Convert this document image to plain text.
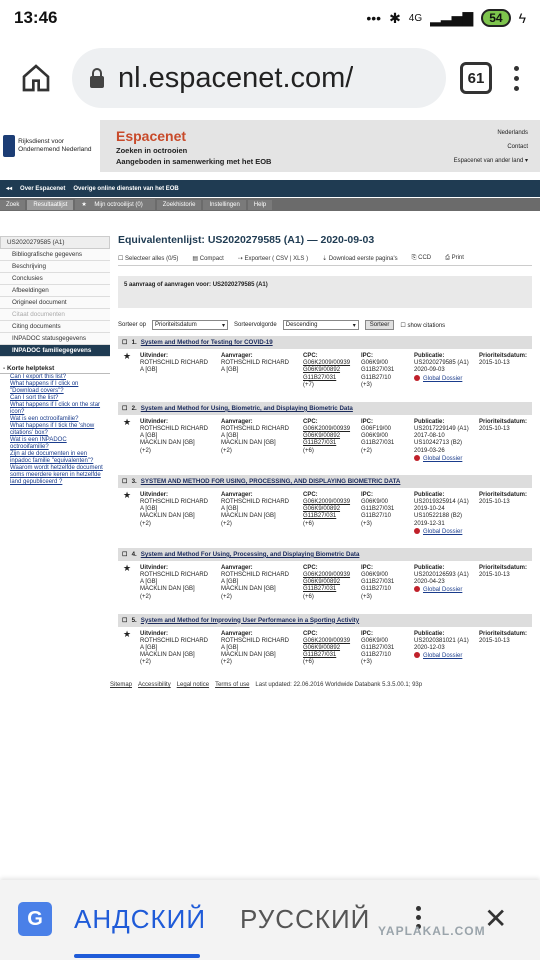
13:46	••• ✱ 4G ▂▃▅▇	54	ϟ
nl.espacenet.com/	61
Rijksdienst voor Ondernemend Nederland
Espacenet
Zoeken in octrooien
Aangeboden in samenwerking met het EOB
Nederlands
Contact
Espacenet van ander land ▾
◂◂ Over Espacenet Overige online diensten van het EOB
Zoek	Resultaatlijst	★ Mijn octrooilijst (0)	Zoekhistorie	Instellingen	Help
US2020279585 (A1)
Bibliografische gegevens
Beschrijving
Conclusies
Afbeeldingen
Origineel document
Citaat documenten
Citing documents
INPADOC statusgegevens
INPADOC familiegegevens
- Korte helptekst
Can I export this list?
What happens if I click on "Download covers"?
Can I sort the list?
What happens if I click on the star icon?
Wat is een octrooifamilie?
What happens if I tick the 'show citations' box?
Wat is een INPADOC octrooifamilie?
Zijn al de documenten in een inpadoc familie "equivalenten"?
Waarom wordt hetzelfde document soms meerdere keren in hetzelfde land gepubliceerd ?
Equivalentenlijst: US2020279585 (A1) — 2020-09-03
☐ Selecteer alles (0/5) ▤ Compact ⇢ Exporteer ( CSV | XLS ) ⇣ Download eerste pagina's ⎘ CCD ⎙ Print
5 aanvraag of aanvragen voor: US2020279585 (A1)
Sorteer op Prioriteitsdatum	▾ Sorteervolgorde Descending	▾	Sorteer	☐ show citations
☐ 1. System and Method for Testing for COVID-19
★ Uitvinder:
ROTHSCHILD RICHARD
A [GB]
Aanvrager:
ROTHSCHILD RICHARD
A [GB]
CPC:
G06K2009/00939
G06K9/00892
G11B27/031
(+7)
IPC:
G06K9/00
G11B27/031
G11B27/10
(+3)
Publicatie:
US2020279585 (A1)
2020-09-03
Global Dossier
Prioriteitsdatum:
2015-10-13
☐ 2. System and Method for Using, Biometric, and Displaying Biometric Data
★ Uitvinder:
ROTHSCHILD RICHARD
A [GB]
MACKLIN DAN [GB]
(+2)
Aanvrager:
ROTHSCHILD RICHARD
A [GB]
MACKLIN DAN [GB]
(+2)
CPC:
G06K2009/00939
G06K9/00892
G11B27/031
(+6)
IPC:
G06F19/00
G06K9/00
G11B27/031
(+2)
Publicatie:
US2017229149 (A1)
2017-08-10
US10242713 (B2)
2019-03-26
Global Dossier
Prioriteitsdatum:
2015-10-13
☐ 3. SYSTEM AND METHOD FOR USING, PROCESSING, AND DISPLAYING BIOMETRIC DATA
★ Uitvinder:
ROTHSCHILD RICHARD
A [GB]
MACKLIN DAN [GB]
(+2)
Aanvrager:
ROTHSCHILD RICHARD
A [GB]
MACKLIN DAN [GB]
(+2)
CPC:
G06K2009/00939
G06K9/00892
G11B27/031
(+6)
IPC:
G06K9/00
G11B27/031
G11B27/10
(+3)
Publicatie:
US2019325914 (A1)
2019-10-24
US10522188 (B2)
2019-12-31
Global Dossier
Prioriteitsdatum:
2015-10-13
☐ 4. System and Method For Using, Processing, and Displaying Biometric Data
★ Uitvinder:
ROTHSCHILD RICHARD
A [GB]
MACKLIN DAN [GB]
(+2)
Aanvrager:
ROTHSCHILD RICHARD
A [GB]
MACKLIN DAN [GB]
(+2)
CPC:
G06K2009/00939
G06K9/00892
G11B27/031
(+6)
IPC:
G06K9/00
G11B27/031
G11B27/10
(+3)
Publicatie:
US2020126593 (A1)
2020-04-23
Global Dossier
Prioriteitsdatum:
2015-10-13
☐ 5. System and Method for Improving User Performance in a Sporting Activity
★ Uitvinder:
ROTHSCHILD RICHARD
A [GB]
MACKLIN DAN [GB]
(+2)
Aanvrager:
ROTHSCHILD RICHARD
A [GB]
MACKLIN DAN [GB]
(+2)
CPC:
G06K2009/00939
G06K9/00892
G11B27/031
(+6)
IPC:
G06K9/00
G11B27/031
G11B27/10
(+3)
Publicatie:
US2020381021 (A1)
2020-12-03
Global Dossier
Prioriteitsdatum:
2015-10-13
Sitemap Accessibility Legal notice Terms of use Last updated: 22.06.2016 Worldwide Databank 5.3.5.00.1; 93p
G	АНДСКИЙ РУССКИЙ	✕
YAPLAKAL.COM
